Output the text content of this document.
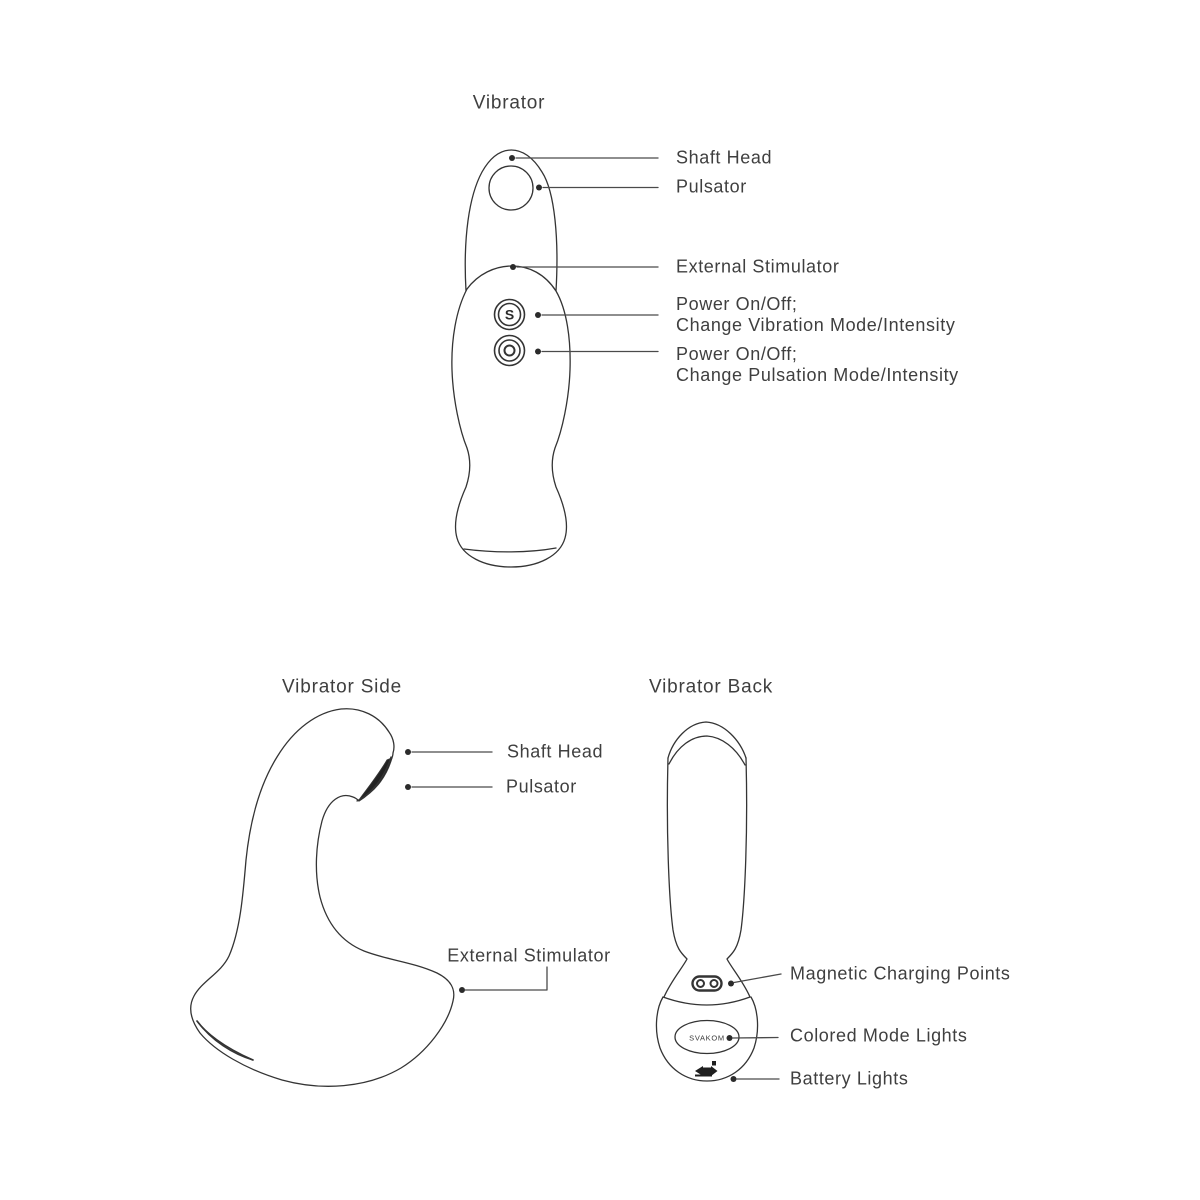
Vibrator
Shaft Head
Pulsator
External Stimulator
Power On/Off;
Change Vibration Mode/Intensity
Power On/Off;
Change Pulsation Mode/Intensity
Vibrator Side
Shaft Head
Pulsator
External Stimulator
Vibrator Back
Magnetic Charging Points
Colored Mode Lights
Battery Lights
SVAKOM
S
